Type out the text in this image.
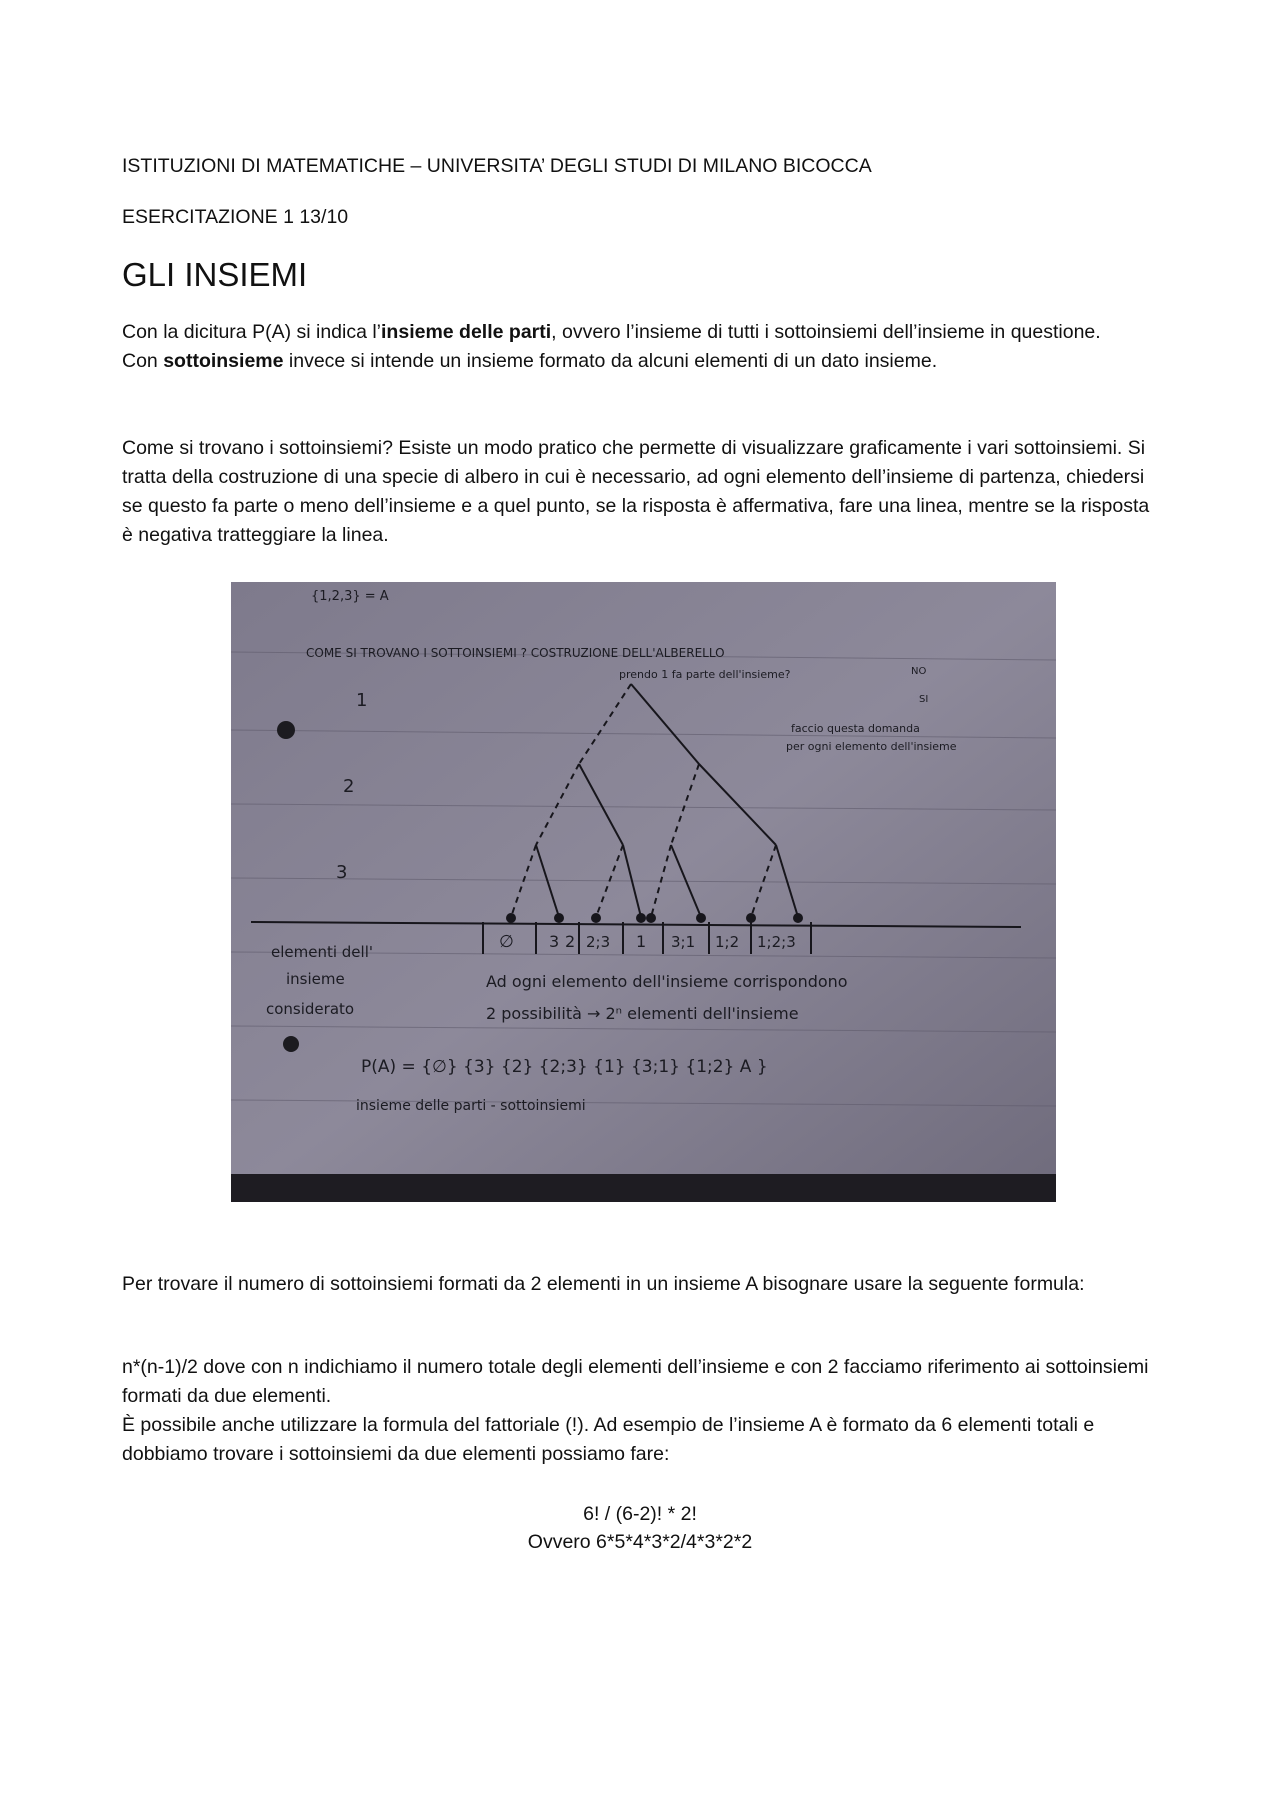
ISTITUZIONI DI MATEMATICHE – UNIVERSITA’ DEGLI STUDI DI MILANO BICOCCA

ESERCITAZIONE 1 13/10

GLI INSIEMI
Con la dicitura P(A) si indica l’insieme delle parti, ovvero l’insieme di tutti i sottoinsiemi dell’insieme in questione.
Con sottoinsieme invece si intende un insieme formato da alcuni elementi di un dato insieme.

Come si trovano i sottoinsiemi? Esiste un modo pratico che permette di visualizzare graficamente i vari sottoinsiemi. Si tratta della costruzione di una specie di albero in cui è necessario, ad ogni elemento dell’insieme di partenza, chiedersi se questo fa parte o meno dell’insieme e a quel punto, se la risposta è affermativa, fare una linea, mentre se la risposta è negativa tratteggiare la linea.

{1,2,3} = A
COME SI TROVANO I SOTTOINSIEMI ? COSTRUZIONE DELL'ALBERELLO
prendo 1 fa parte dell'insieme?	NO
SI
faccio questa domanda
per ogni elemento dell'insieme
1
2
3
∅ 3 2 2;3 1 3;1 1;2 1;2;3
elementi dell'
insieme
considerato
Ad ogni elemento dell'insieme corrispondono
2 possibilità → 2ⁿ elementi dell'insieme
P(A) = {∅} {3} {2} {2;3} {1} {3;1} {1;2} A }
insieme delle parti - sottoinsiemi

Per trovare il numero di sottoinsiemi formati da 2 elementi in un insieme A bisognare usare la seguente formula:

n*(n-1)/2 dove con n indichiamo il numero totale degli elementi dell’insieme e con 2 facciamo riferimento ai sottoinsiemi formati da due elementi.
È possibile anche utilizzare la formula del fattoriale (!). Ad esempio de l’insieme A è formato da 6 elementi totali e dobbiamo trovare i sottoinsiemi da due elementi possiamo fare:

6! / (6-2)! * 2!

Ovvero 6*5*4*3*2/4*3*2*2
